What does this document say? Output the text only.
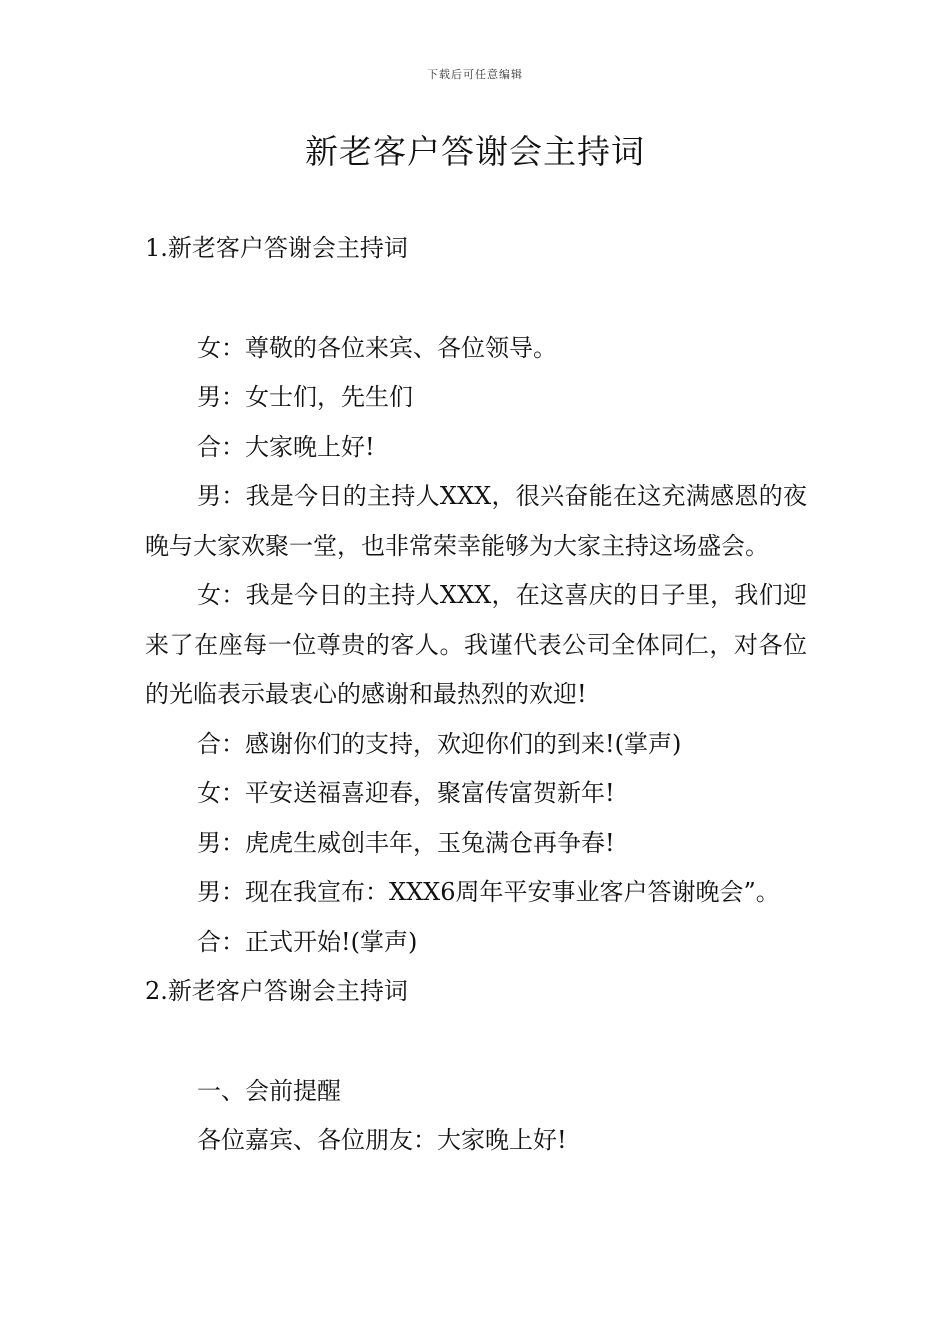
下载后可任意编辑
新老客户答谢会主持词

1.新老客户答谢会主持词

女：尊敬的各位来宾、各位领导。

男：女士们，先生们

合：大家晚上好!

男：我是今日的主持人XXX，很兴奋能在这充满感恩的夜晚与大家欢聚一堂，也非常荣幸能够为大家主持这场盛会。

女：我是今日的主持人XXX，在这喜庆的日子里，我们迎来了在座每一位尊贵的客人。我谨代表公司全体同仁，对各位的光临表示最衷心的感谢和最热烈的欢迎!

合：感谢你们的支持，欢迎你们的到来!(掌声)

女：平安送福喜迎春，聚富传富贺新年!

男：虎虎生威创丰年，玉兔满仓再争春!

男：现在我宣布：XXX6周年平安事业客户答谢晚会”。

合：正式开始!(掌声)

2.新老客户答谢会主持词

一、会前提醒

各位嘉宾、各位朋友：大家晚上好!
